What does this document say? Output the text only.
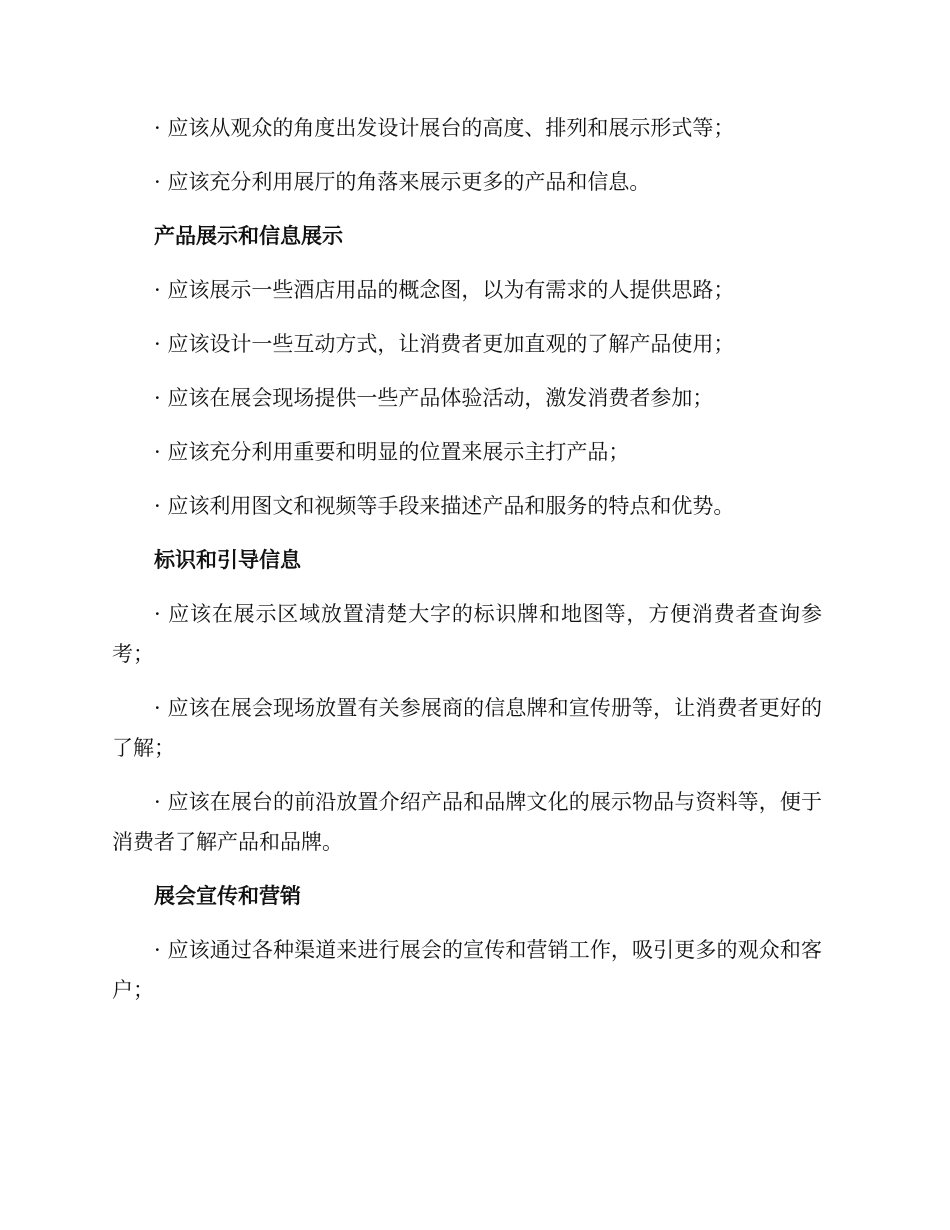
· 应该从观众的角度出发设计展台的高度、排列和展示形式等；

· 应该充分利用展厅的角落来展示更多的产品和信息。

产品展示和信息展示

· 应该展示一些酒店用品的概念图，以为有需求的人提供思路；

· 应该设计一些互动方式，让消费者更加直观的了解产品使用；

· 应该在展会现场提供一些产品体验活动，激发消费者参加；

· 应该充分利用重要和明显的位置来展示主打产品；

· 应该利用图文和视频等手段来描述产品和服务的特点和优势。

标识和引导信息

· 应该在展示区域放置清楚大字的标识牌和地图等，方便消费者查询参考；

· 应该在展会现场放置有关参展商的信息牌和宣传册等，让消费者更好的了解；

· 应该在展台的前沿放置介绍产品和品牌文化的展示物品与资料等，便于消费者了解产品和品牌。

展会宣传和营销

· 应该通过各种渠道来进行展会的宣传和营销工作，吸引更多的观众和客户；
